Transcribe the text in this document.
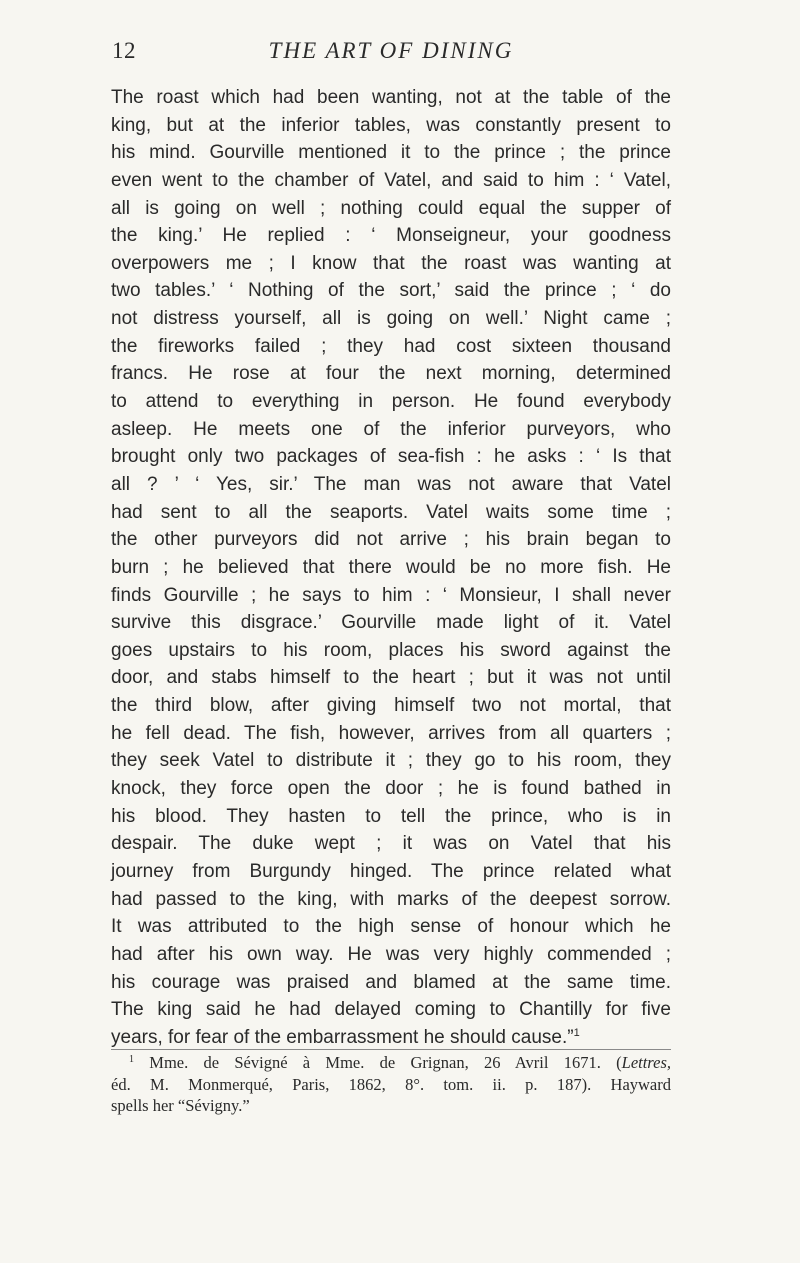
12	THE ART OF DINING

The roast which had been wanting, not at the table of the
king, but at the inferior tables, was constantly present to
his mind. Gourville mentioned it to the prince ; the prince
even went to the chamber of Vatel, and said to him : ‘ Vatel,
all is going on well ; nothing could equal the supper of
the king.’ He replied : ‘ Monseigneur, your goodness
overpowers me ; I know that the roast was wanting at
two tables.’ ‘ Nothing of the sort,’ said the prince ; ‘ do
not distress yourself, all is going on well.’ Night came ;
the fireworks failed ; they had cost sixteen thousand
francs. He rose at four the next morning, determined
to attend to everything in person. He found everybody
asleep. He meets one of the inferior purveyors, who
brought only two packages of sea-fish : he asks : ‘ Is that
all ? ’ ‘ Yes, sir.’ The man was not aware that Vatel
had sent to all the seaports. Vatel waits some time ;
the other purveyors did not arrive ; his brain began to
burn ; he believed that there would be no more fish. He
finds Gourville ; he says to him : ‘ Monsieur, I shall never
survive this disgrace.’ Gourville made light of it. Vatel
goes upstairs to his room, places his sword against the
door, and stabs himself to the heart ; but it was not until
the third blow, after giving himself two not mortal, that
he fell dead. The fish, however, arrives from all quarters ;
they seek Vatel to distribute it ; they go to his room, they
knock, they force open the door ; he is found bathed in
his blood. They hasten to tell the prince, who is in
despair. The duke wept ; it was on Vatel that his
journey from Burgundy hinged. The prince related what
had passed to the king, with marks of the deepest sorrow.
It was attributed to the high sense of honour which he
had after his own way. He was very highly commended ;
his courage was praised and blamed at the same time.
The king said he had delayed coming to Chantilly for five
years, for fear of the embarrassment he should cause.”$^1$

$^1$ Mme. de Sévigné à Mme. de Grignan, 26 Avril 1671. (Lettres,
éd. M. Monmerqué, Paris, 1862, 8°. tom. ii. p. 187). Hayward
spells her “Sévigny.”
